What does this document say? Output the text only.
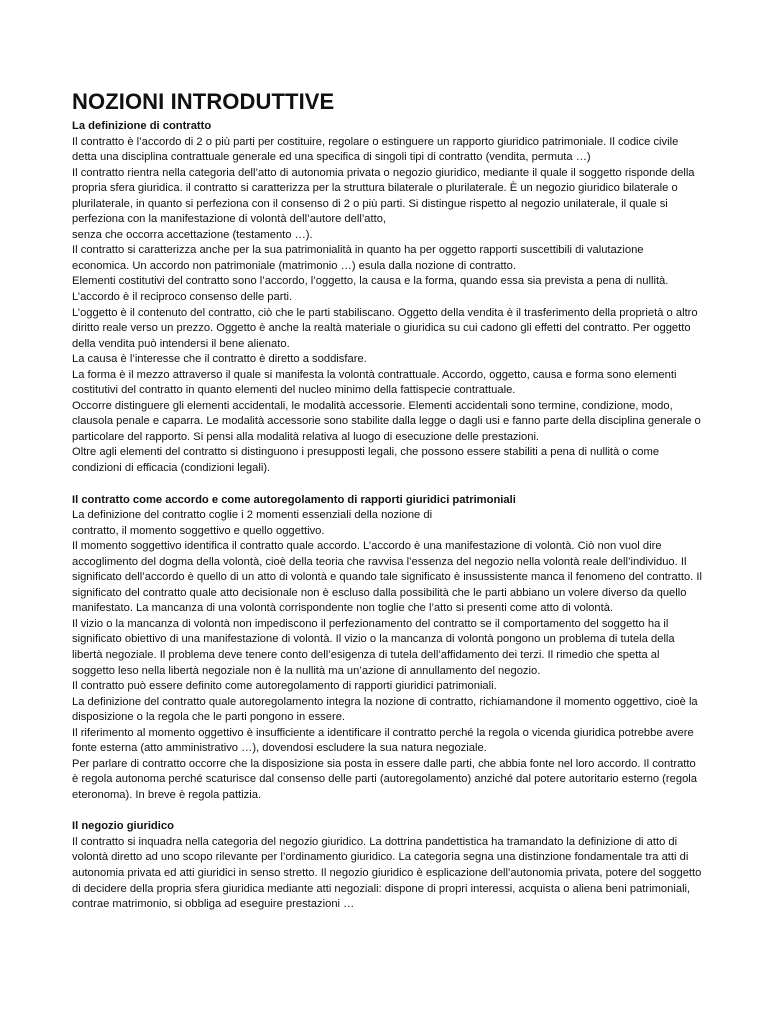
NOZIONI INTRODUTTIVE
La definizione di contratto

Il contratto è l’accordo di 2 o più parti per costituire, regolare o estinguere un rapporto giuridico patrimoniale. Il codice civile detta una disciplina contrattuale generale ed una specifica di singoli tipi di contratto (vendita, permuta …)

Il contratto rientra nella categoria dell’atto di autonomia privata o negozio giuridico, mediante il quale il soggetto risponde della propria sfera giuridica. il contratto si caratterizza per la struttura bilaterale o plurilaterale. È un negozio giuridico bilaterale o plurilaterale, in quanto si perfeziona con il consenso di 2 o più parti. Si distingue rispetto al negozio unilaterale, il quale si perfeziona con la manifestazione di volontà dell’autore dell’atto,

senza che occorra accettazione (testamento …).

Il contratto si caratterizza anche per la sua patrimonialità in quanto ha per oggetto rapporti suscettibili di valutazione economica. Un accordo non patrimoniale (matrimonio …) esula dalla nozione di contratto.

Elementi costitutivi del contratto sono l’accordo, l’oggetto, la causa e la forma, quando essa sia prevista a pena di nullità.

L’accordo è il reciproco consenso delle parti.

L’oggetto è il contenuto del contratto, ciò che le parti stabiliscano. Oggetto della vendita è il trasferimento della proprietà o altro diritto reale verso un prezzo. Oggetto è anche la realtà materiale o giuridica su cui cadono gli effetti del contratto. Per oggetto della vendita può intendersi il bene alienato.

La causa è l’interesse che il contratto è diretto a soddisfare.

La forma è il mezzo attraverso il quale si manifesta la volontà contrattuale. Accordo, oggetto, causa e forma sono elementi costitutivi del contratto in quanto elementi del nucleo minimo della fattispecie contrattuale.

Occorre distinguere gli elementi accidentali, le modalità accessorie. Elementi accidentali sono termine, condizione, modo, clausola penale e caparra. Le modalità accessorie sono stabilite dalla legge o dagli usi e fanno parte della disciplina generale o particolare del rapporto. Si pensi alla modalità relativa al luogo di esecuzione delle prestazioni.

Oltre agli elementi del contratto si distinguono i presupposti legali, che possono essere stabiliti a pena di nullità o come condizioni di efficacia (condizioni legali).

Il contratto come accordo e come autoregolamento di rapporti giuridici patrimoniali

La definizione del contratto coglie i 2 momenti essenziali della nozione di

contratto, il momento soggettivo e quello oggettivo.

Il momento soggettivo identifica il contratto quale accordo. L’accordo è una manifestazione di volontà. Ciò non vuol dire accoglimento del dogma della volontà, cioè della teoria che ravvisa l’essenza del negozio nella volontà reale dell’individuo. Il significato dell’accordo è quello di un atto di volontà e quando tale significato è insussistente manca il fenomeno del contratto. Il significato del contratto quale atto decisionale non è escluso dalla possibilità che le parti abbiano un volere diverso da quello manifestato. La mancanza di una volontà corrispondente non toglie che l’atto si presenti come atto di volontà.

Il vizio o la mancanza di volontà non impediscono il perfezionamento del contratto se il comportamento del soggetto ha il significato obiettivo di una manifestazione di volontà. Il vizio o la mancanza di volontà pongono un problema di tutela della libertà negoziale. Il problema deve tenere conto dell’esigenza di tutela dell’affidamento dei terzi. Il rimedio che spetta al soggetto leso nella libertà negoziale non è la nullità ma un’azione di annullamento del negozio.

Il contratto può essere definito come autoregolamento di rapporti giuridici patrimoniali.

La definizione del contratto quale autoregolamento integra la nozione di contratto, richiamandone il momento oggettivo, cioè la disposizione o la regola che le parti pongono in essere.

Il riferimento al momento oggettivo è insufficiente a identificare il contratto perché la regola o vicenda giuridica potrebbe avere fonte esterna (atto amministrativo …), dovendosi escludere la sua natura negoziale.

Per parlare di contratto occorre che la disposizione sia posta in essere dalle parti, che abbia fonte nel loro accordo. Il contratto è regola autonoma perché scaturisce dal consenso delle parti (autoregolamento) anziché dal potere autoritario esterno (regola eteronoma). In breve è regola pattizia.

Il negozio giuridico

Il contratto si inquadra nella categoria del negozio giuridico. La dottrina pandettistica ha tramandato la definizione di atto di volontà diretto ad uno scopo rilevante per l’ordinamento giuridico. La categoria segna una distinzione fondamentale tra atti di autonomia privata ed atti giuridici in senso stretto. Il negozio giuridico è esplicazione dell’autonomia privata, potere del soggetto di decidere della propria sfera giuridica mediante atti negoziali: dispone di propri interessi, acquista o aliena beni patrimoniali, contrae matrimonio, si obbliga ad eseguire prestazioni …
